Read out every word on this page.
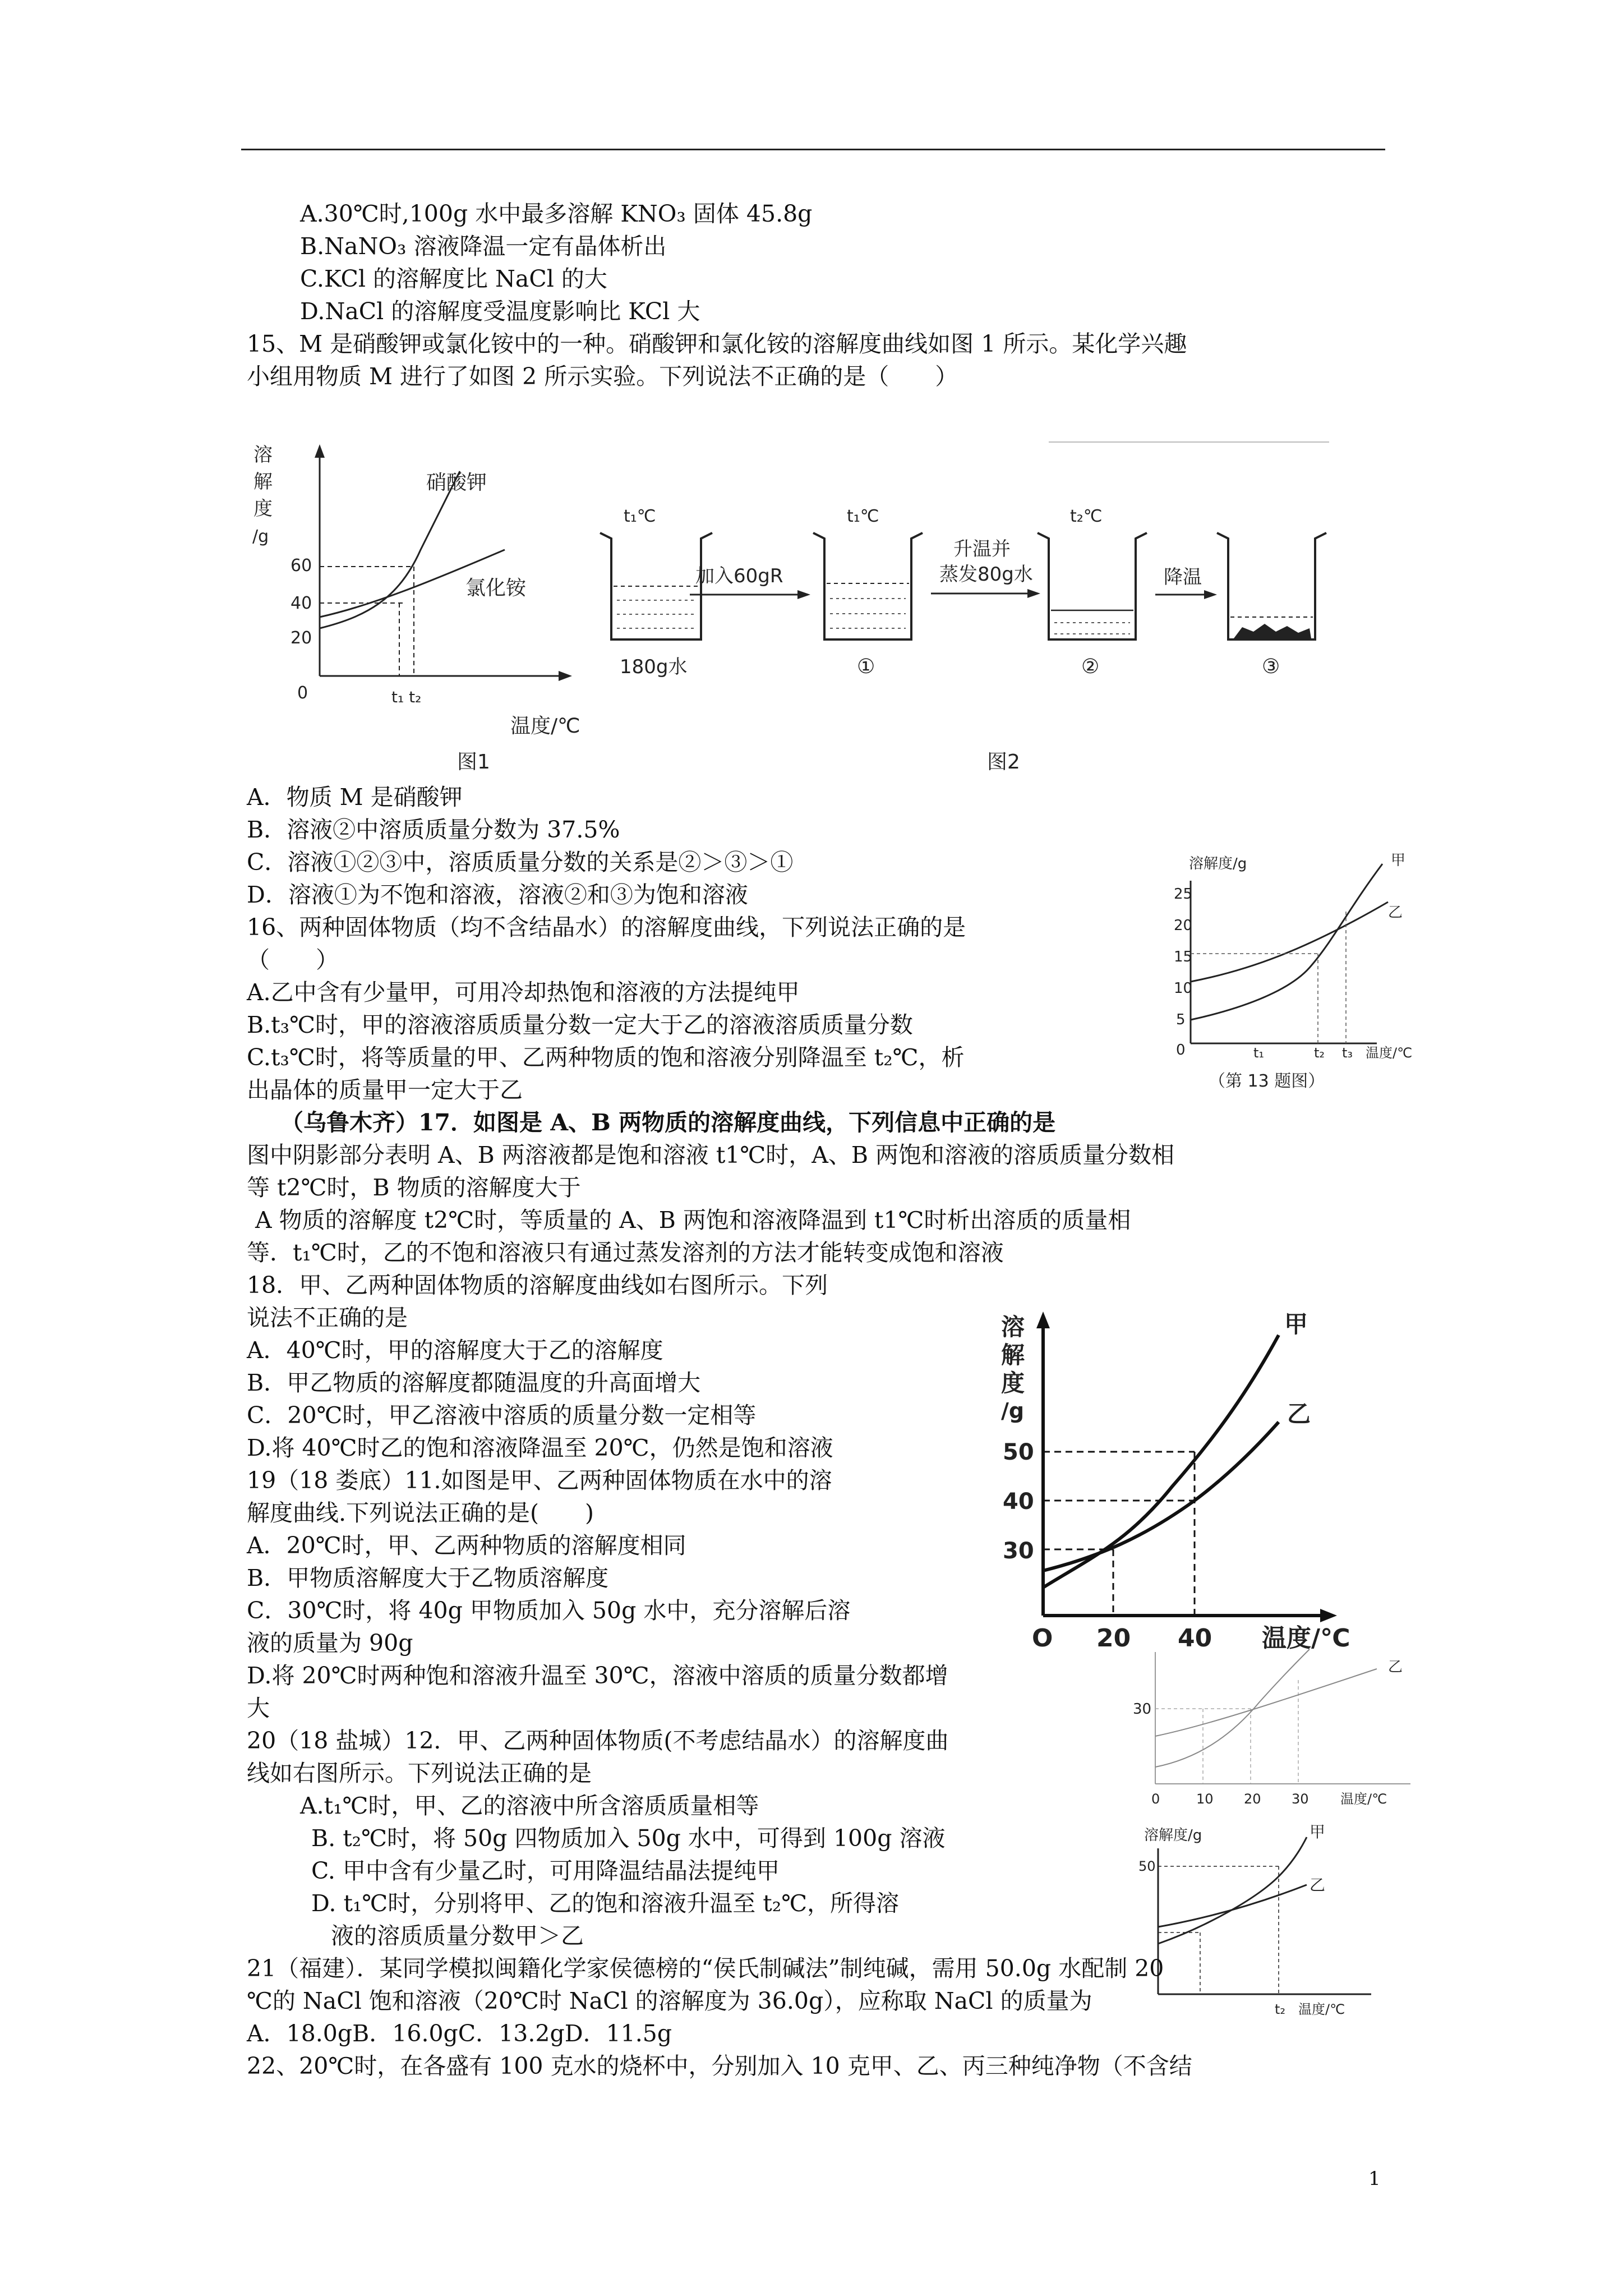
A.30℃时,100g 水中最多溶解 KNO₃ 固体 45.8g
B.NaNO₃ 溶液降温一定有晶体析出
C.KCl 的溶解度比 NaCl 的大
D.NaCl 的溶解度受温度影响比 KCl 大
15、M 是硝酸钾或氯化铵中的一种。硝酸钾和氯化铵的溶解度曲线如图 1 所示。某化学兴趣
小组用物质 M 进行了如图 2 所示实验。下列说法不正确的是（　　）
溶
解
度
/g
60
40
20
0
硝酸钾
氯化铵
t₁ t₂
温度/℃
图1
t₁℃
180g水
加入60gR
t₁℃
①
升温并
蒸发80g水
t₂℃
②
降温
③
图2
A．物质 M 是硝酸钾
B．溶液②中溶质质量分数为 37.5%
C．溶液①②③中，溶质质量分数的关系是②＞③＞①
D．溶液①为不饱和溶液，溶液②和③为饱和溶液
16、两种固体物质（均不含结晶水）的溶解度曲线，下列说法正确的是
（　　）
A.乙中含有少量甲，可用冷却热饱和溶液的方法提纯甲
B.t₃℃时，甲的溶液溶质质量分数一定大于乙的溶液溶质质量分数
C.t₃℃时，将等质量的甲、乙两种物质的饱和溶液分别降温至 t₂℃，析
出晶体的质量甲一定大于乙
溶解度/g	甲
25
20
15
10
5
0
乙
t₁	t₂ t₃ 温度/℃
（第 13 题图）
（乌鲁木齐）17．如图是 A、B 两物质的溶解度曲线，下列信息中正确的是
图中阴影部分表明 A、B 两溶液都是饱和溶液 t1℃时，A、B 两饱和溶液的溶质质量分数相
等 t2℃时，B 物质的溶解度大于
A 物质的溶解度 t2℃时，等质量的 A、B 两饱和溶液降温到 t1℃时析出溶质的质量相
等．t₁℃时，乙的不饱和溶液只有通过蒸发溶剂的方法才能转变成饱和溶液
18．甲、乙两种固体物质的溶解度曲线如右图所示。下列
说法不正确的是
A．40℃时，甲的溶解度大于乙的溶解度
B．甲乙物质的溶解度都随温度的升高面增大
C．20℃时，甲乙溶液中溶质的质量分数一定相等
D.将 40℃时乙的饱和溶液降温至 20℃，仍然是饱和溶液
19（18 娄底）11.如图是甲、乙两种固体物质在水中的溶
解度曲线.下列说法正确的是(　　)
A．20℃时，甲、乙两种物质的溶解度相同
B．甲物质溶解度大于乙物质溶解度
C．30℃时，将 40g 甲物质加入 50g 水中，充分溶解后溶
液的质量为 90g
溶
解
度
/g
50
40
30
甲
乙
O 20 40 温度/℃
D.将 20℃时两种饱和溶液升温至 30℃，溶液中溶质的质量分数都增
大
20（18 盐城）12．甲、乙两种固体物质(不考虑结晶水）的溶解度曲
线如右图所示。下列说法正确的是
A.t₁℃时，甲、乙的溶液中所含溶质质量相等
B. t₂℃时，将 50g 四物质加入 50g 水中，可得到 100g 溶液
C. 甲中含有少量乙时，可用降温结晶法提纯甲
D. t₁℃时，分别将甲、乙的饱和溶液升温至 t₂℃，所得溶
液的溶质质量分数甲＞乙
30
乙
0	10 20 30 温度/℃
溶解度/g	甲
50
乙
t₂ 温度/℃
21（福建）．某同学模拟闽籍化学家侯德榜的“侯氏制碱法”制纯碱，需用 50.0g 水配制 20
℃的 NaCl 饱和溶液（20℃时 NaCl 的溶解度为 36.0g），应称取 NaCl 的质量为
A．18.0gB．16.0gC．13.2gD．11.5g
22、20℃时，在各盛有 100 克水的烧杯中，分别加入 10 克甲、乙、丙三种纯净物（不含结
1
